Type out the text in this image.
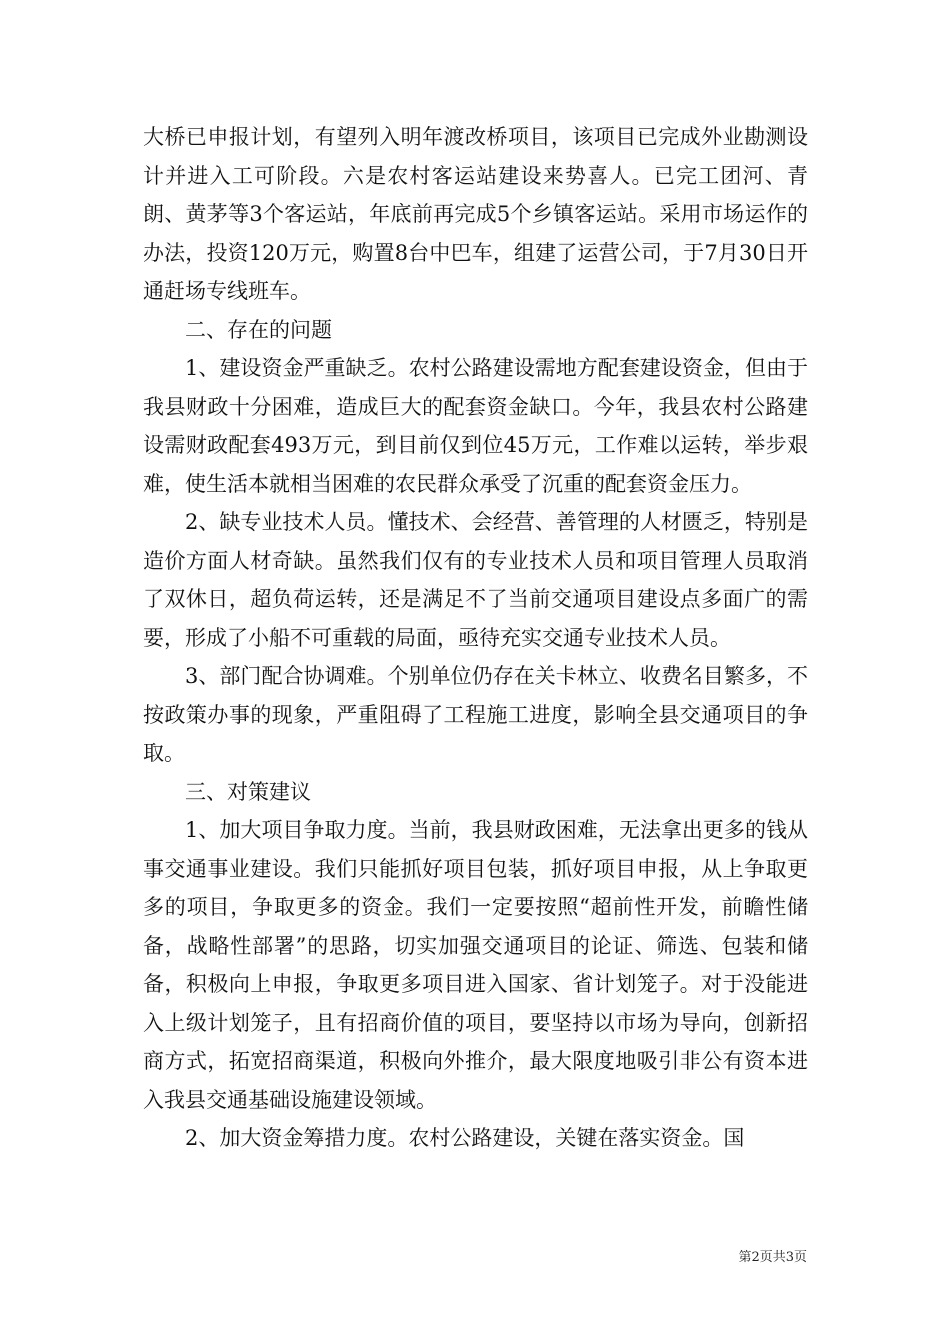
大桥已申报计划，有望列入明年渡改桥项目，该项目已完成外业勘测设计并进入工可阶段。六是农村客运站建设来势喜人。已完工团河、青朗、黄茅等3个客运站，年底前再完成5个乡镇客运站。采用市场运作的办法，投资120万元，购置8台中巴车，组建了运营公司，于7月30日开通赶场专线班车。

二、存在的问题

1、建设资金严重缺乏。农村公路建设需地方配套建设资金，但由于我县财政十分困难，造成巨大的配套资金缺口。今年，我县农村公路建设需财政配套493万元，到目前仅到位45万元，工作难以运转，举步艰难，使生活本就相当困难的农民群众承受了沉重的配套资金压力。

2、缺专业技术人员。懂技术、会经营、善管理的人材匮乏，特别是造价方面人材奇缺。虽然我们仅有的专业技术人员和项目管理人员取消了双休日，超负荷运转，还是满足不了当前交通项目建设点多面广的需要，形成了小船不可重载的局面，亟待充实交通专业技术人员。

3、部门配合协调难。个别单位仍存在关卡林立、收费名目繁多，不按政策办事的现象，严重阻碍了工程施工进度，影响全县交通项目的争取。

三、对策建议

1、加大项目争取力度。当前，我县财政困难，无法拿出更多的钱从事交通事业建设。我们只能抓好项目包装，抓好项目申报，从上争取更多的项目，争取更多的资金。我们一定要按照“超前性开发，前瞻性储备，战略性部署”的思路，切实加强交通项目的论证、筛选、包装和储备，积极向上申报，争取更多项目进入国家、省计划笼子。对于没能进入上级计划笼子，且有招商价值的项目，要坚持以市场为导向，创新招商方式，拓宽招商渠道，积极向外推介，最大限度地吸引非公有资本进入我县交通基础设施建设领域。

2、加大资金筹措力度。农村公路建设，关键在落实资金。国

第2页共3页
